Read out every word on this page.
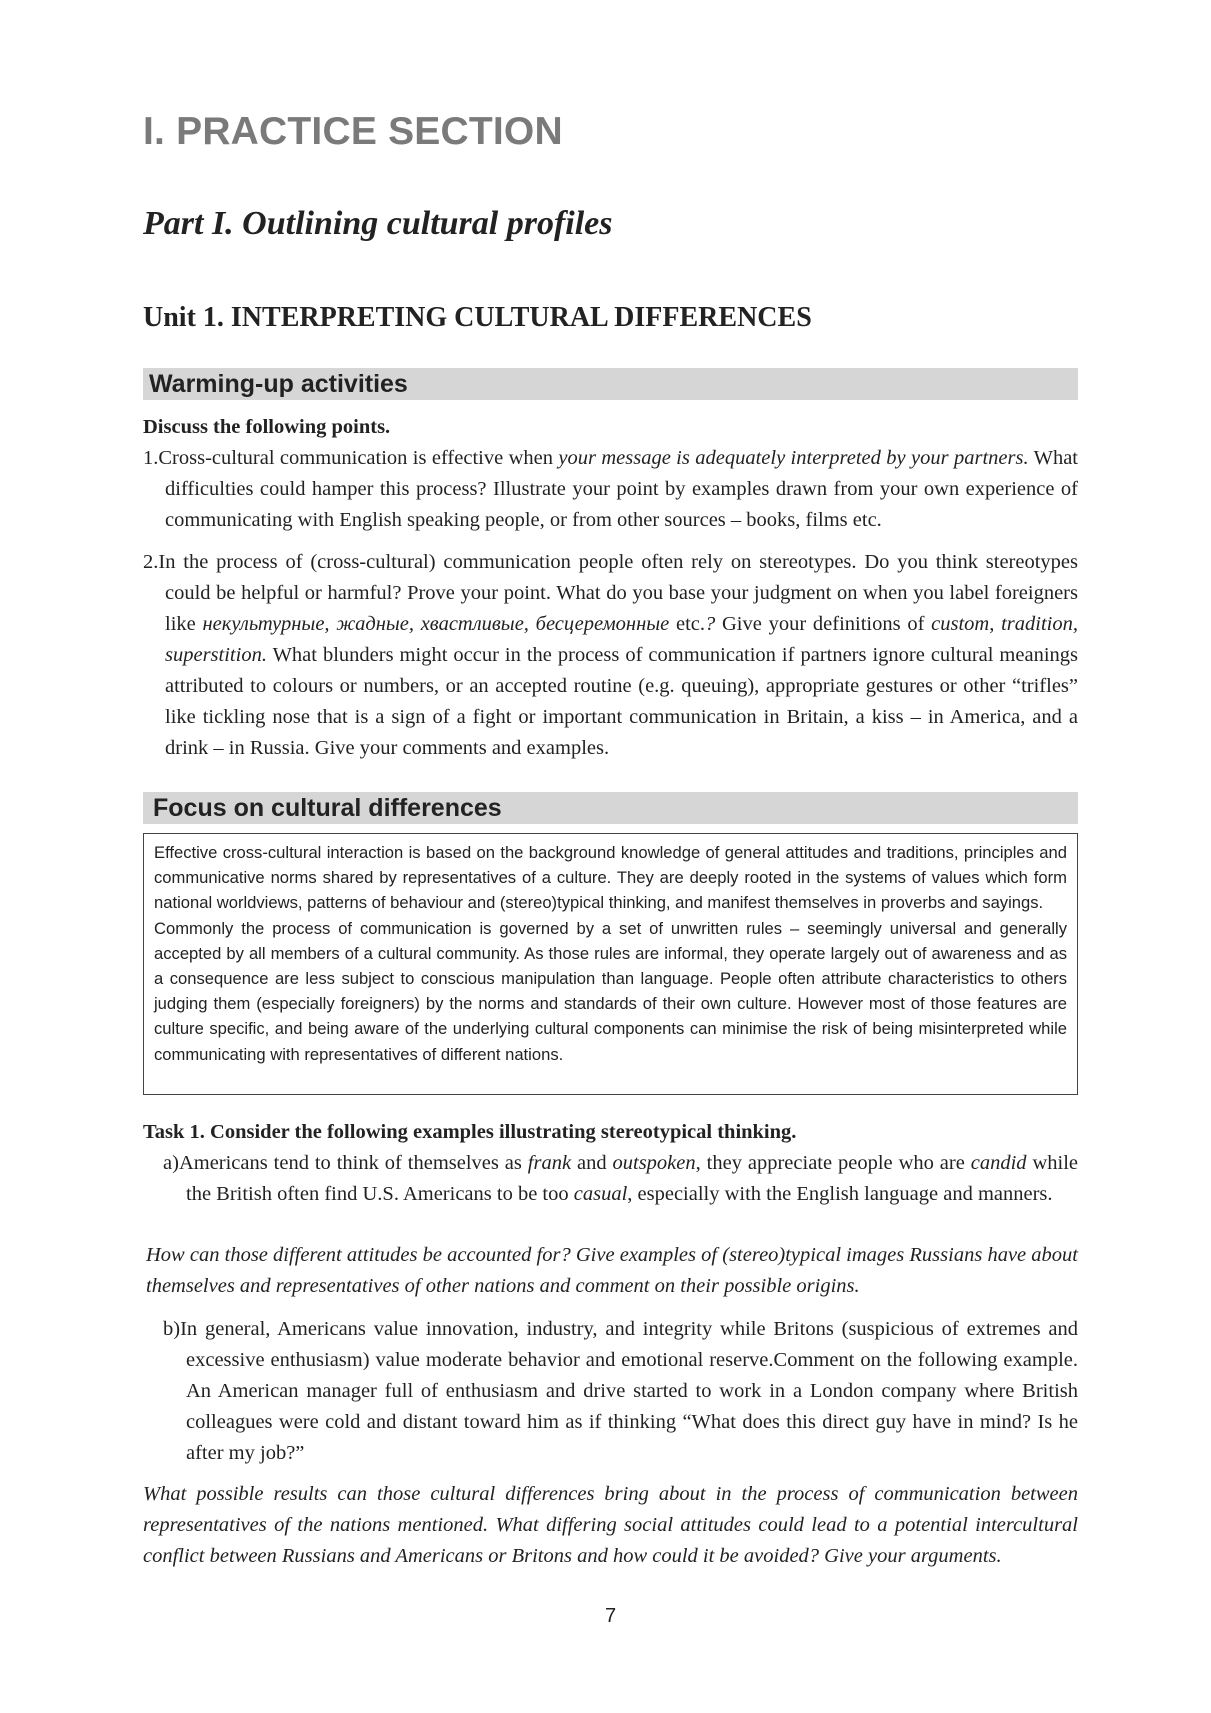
I. PRACTICE SECTION
Part I. Outlining cultural profiles
Unit 1. INTERPRETING CULTURAL DIFFERENCES
Warming-up activities

Discuss the following points.

1.Cross-cultural communication is effective when your message is adequately interpreted by your partners. What difficulties could hamper this process? Illustrate your point by examples drawn from your own experience of communicating with English speaking people, or from other sources – books, films etc.

2.In the process of (cross-cultural) communication people often rely on stereotypes. Do you think stereotypes could be helpful or harmful? Prove your point. What do you base your judgment on when you label foreigners like некультурные, жадные, хвастливые, бесцеремонные etc.? Give your definitions of custom, tradition, superstition. What blunders might occur in the process of communication if partners ignore cultural meanings attributed to colours or numbers, or an accepted routine (e.g. queuing), appropriate gestures or other “trifles” like tickling nose that is a sign of a fight or important communication in Britain, a kiss – in America, and a drink – in Russia. Give your comments and examples.

Focus on cultural differences

Effective cross-cultural interaction is based on the background knowledge of general attitudes and traditions, principles and communicative norms shared by representatives of a culture. They are deeply rooted in the systems of values which form national worldviews, patterns of behaviour and (stereo)typical thinking, and manifest themselves in proverbs and sayings.

Commonly the process of communication is governed by a set of unwritten rules – seemingly universal and generally accepted by all members of a cultural community. As those rules are informal, they operate largely out of awareness and as a consequence are less subject to conscious manipulation than language. People often attribute characteristics to others judging them (especially foreigners) by the norms and standards of their own culture. However most of those features are culture specific, and being aware of the underlying cultural components can minimise the risk of being misinterpreted while communicating with representatives of different nations.

Task 1. Consider the following examples illustrating stereotypical thinking.

a)Americans tend to think of themselves as frank and outspoken, they appreciate people who are candid while the British often find U.S. Americans to be too casual, especially with the English language and manners.

How can those different attitudes be accounted for? Give examples of (stereo)typical images Russians have about themselves and representatives of other nations and comment on their possible origins.

b)In general, Americans value innovation, industry, and integrity while Britons (suspicious of extremes and excessive enthusiasm) value moderate behavior and emotional reserve.Comment on the following example. An American manager full of enthusiasm and drive started to work in a London company where British colleagues were cold and distant toward him as if thinking “What does this direct guy have in mind? Is he after my job?”

What possible results can those cultural differences bring about in the process of communication between representatives of the nations mentioned. What differing social attitudes could lead to a potential intercultural conflict between Russians and Americans or Britons and how could it be avoided? Give your arguments.

7
